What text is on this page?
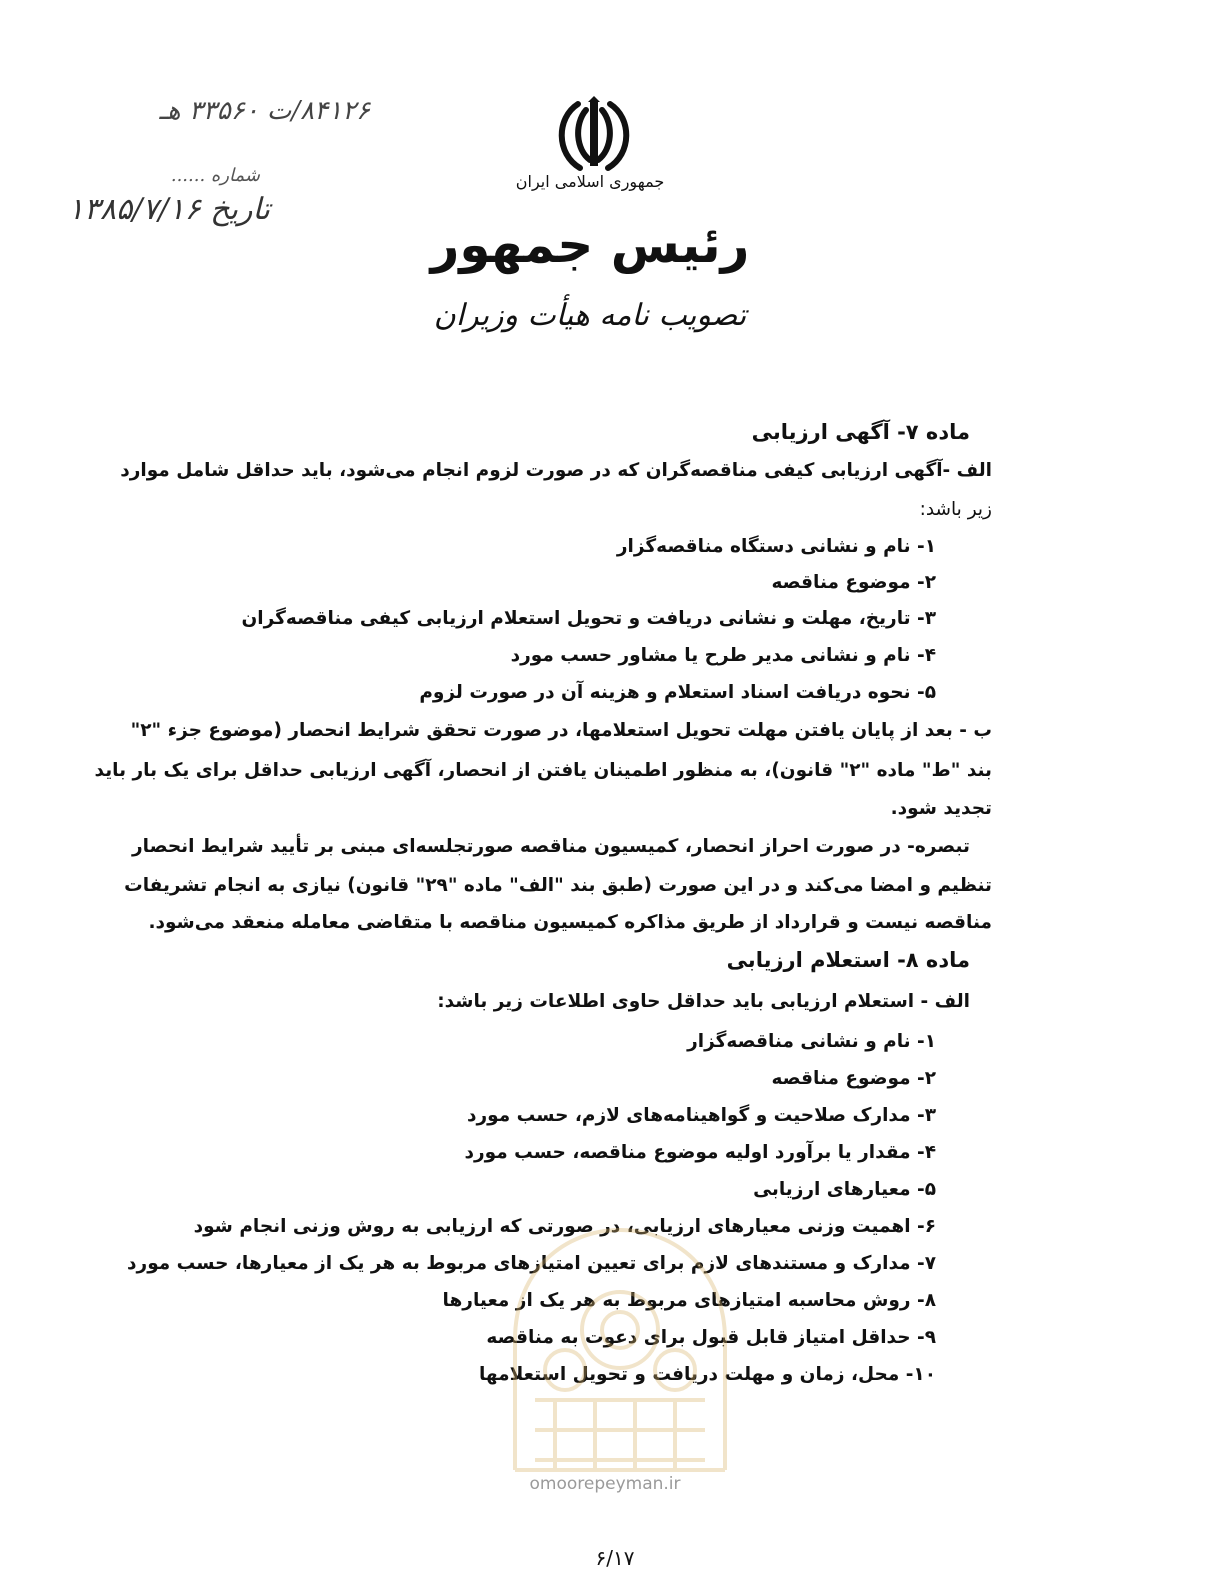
جمهوری اسلامی ایران
رئیس جمهور
تصویب نامه هیأت وزیران
۸۴۱۲۶/ت ۳۳۵۶۰ هـ
شماره ......
تاریخ ۱۳۸۵/۷/۱۶
ماده ۷- آگهی ارزیابی
الف -آگهی ارزیابی کیفی مناقصه‌گران که در صورت لزوم انجام می‌شود، باید حداقل شامل موارد
زیر باشد:
۱- نام و نشانی دستگاه مناقصه‌گزار
۲- موضوع مناقصه
۳- تاریخ، مهلت و نشانی دریافت و تحویل استعلام ارزیابی کیفی مناقصه‌گران
۴- نام و نشانی مدیر طرح یا مشاور حسب مورد
۵- نحوه دریافت اسناد استعلام و هزینه آن در صورت لزوم
ب - بعد از پایان یافتن مهلت تحویل استعلامها، در صورت تحقق شرایط انحصار (موضوع جزء "۲"
بند "ط" ماده "۲" قانون)، به منظور اطمینان یافتن از انحصار، آگهی ارزیابی حداقل برای یک بار باید
تجدید شود.
تبصره- در صورت احراز انحصار، کمیسیون مناقصه صورتجلسه‌ای مبنی بر تأیید شرایط انحصار
تنظیم و امضا می‌کند و در این صورت (طبق بند "الف" ماده "۲۹" قانون) نیازی به انجام تشریفات
مناقصه نیست و قرارداد از طریق مذاکره کمیسیون مناقصه با متقاضی معامله منعقد می‌شود.
ماده ۸- استعلام ارزیابی
الف - استعلام ارزیابی باید حداقل حاوی اطلاعات زیر باشد:
۱- نام و نشانی مناقصه‌گزار
۲- موضوع مناقصه
۳- مدارک صلاحیت و گواهینامه‌های لازم، حسب مورد
۴- مقدار یا برآورد اولیه موضوع مناقصه، حسب مورد
۵- معیارهای ارزیابی
۶- اهمیت وزنی معیارهای ارزیابی، در صورتی که ارزیابی به روش وزنی انجام شود
۷- مدارک و مستندهای لازم برای تعیین امتیازهای مربوط به هر یک از معیارها، حسب مورد
۸- روش محاسبه امتیازهای مربوط به هر یک از معیارها
۹- حداقل امتیاز قابل قبول برای دعوت به مناقصه
۱۰- محل، زمان و مهلت دریافت و تحویل استعلامها
omoorepeyman.ir
۶/۱۷
